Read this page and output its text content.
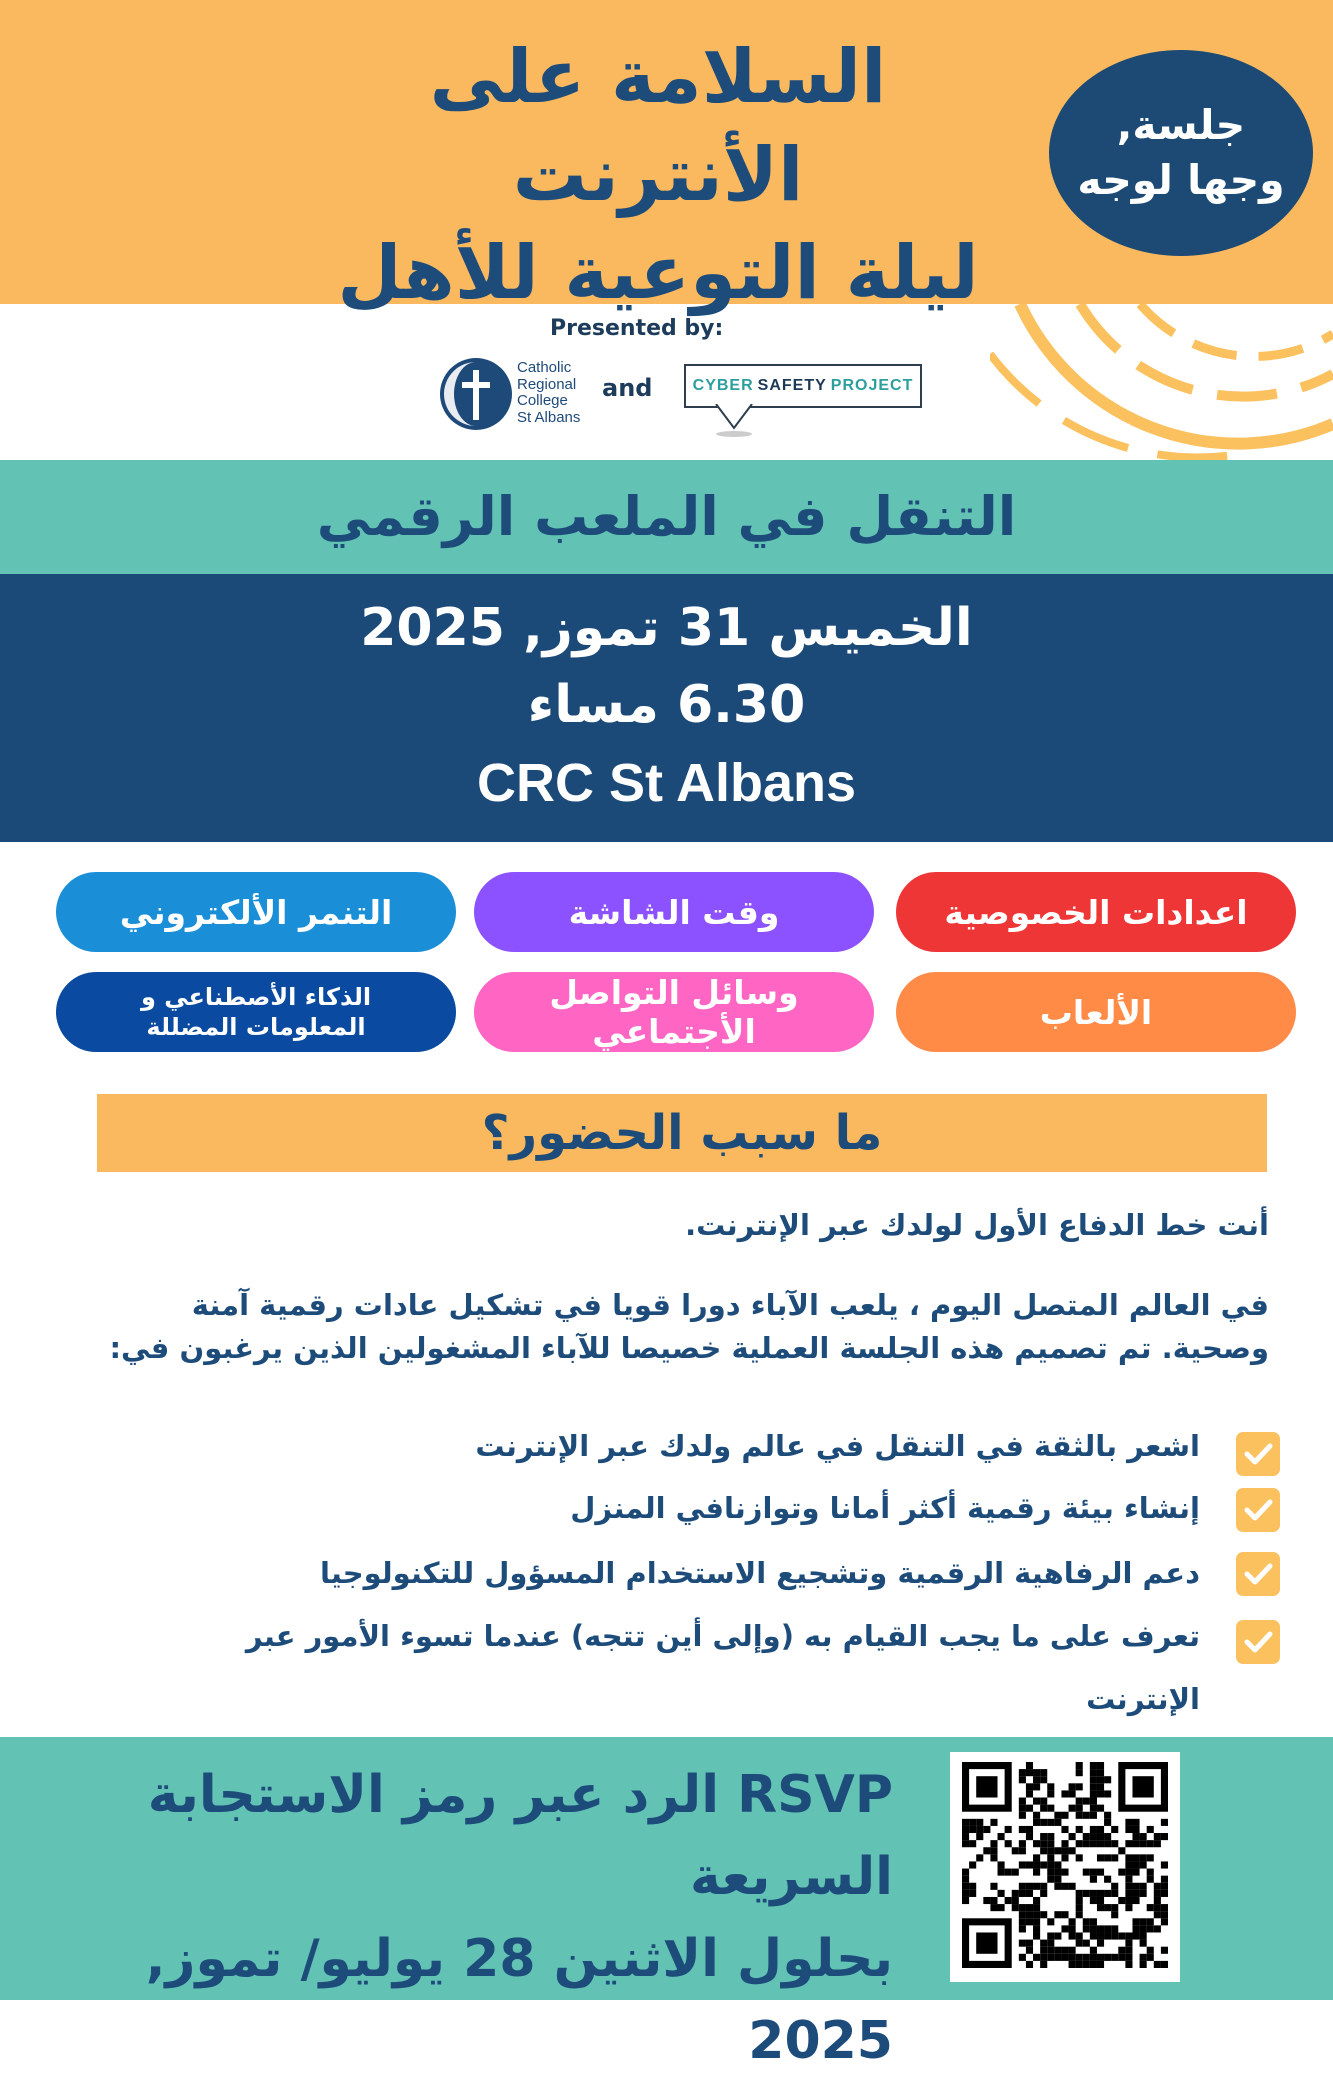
السلامة على الأنترنت
ليلة التوعية للأهل
جلسة,
وجها لوجه
Presented by:
Catholic
Regional
College
St Albans
and	CYBER SAFETY PROJECT
التنقل في الملعب الرقمي
الخميس 31 تموز, 2025
6.30 مساء
CRC St Albans
اعدادات الخصوصية
وقت الشاشة
التنمر الألكتروني
الألعاب
وسائل التواصل الأجتماعي
الذكاء الأصطناعي و
المعلومات المضللة
ما سبب الحضور؟
أنت خط الدفاع الأول لولدك عبر الإنترنت.
في العالم المتصل اليوم ، يلعب الآباء دورا قويا في تشكيل عادات رقمية آمنة وصحية. تم تصميم هذه الجلسة العملية خصيصا للآباء المشغولين الذين يرغبون في:
اشعر بالثقة في التنقل في عالم ولدك عبر الإنترنت
إنشاء بيئة رقمية أكثر أمانا وتوازنافي المنزل
دعم الرفاهية الرقمية وتشجيع الاستخدام المسؤول للتكنولوجيا
تعرف على ما يجب القيام به (وإلى أين تتجه) عندما تسوء الأمور عبر الإنترنت
RSVP الرد عبر رمز الاستجابة السريعة
بحلول الاثنين 28 يوليو/ تموز, 2025
